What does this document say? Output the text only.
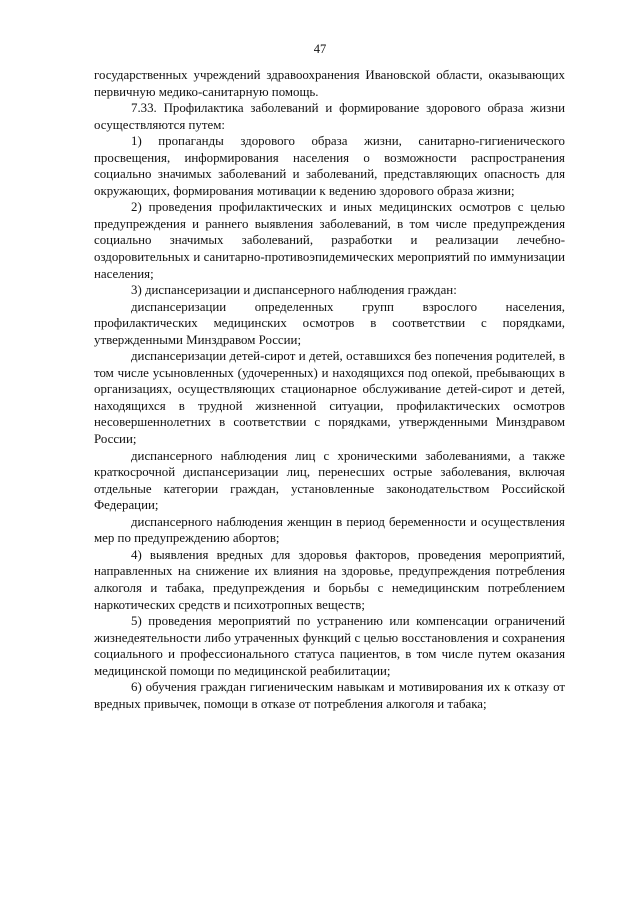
47

государственных учреждений здравоохранения Ивановской области, оказывающих первичную медико-санитарную помощь.

7.33. Профилактика заболеваний и формирование здорового образа жизни осуществляются путем:

1) пропаганды здорового образа жизни, санитарно-гигиенического просвещения, информирования населения о возможности распространения социально значимых заболеваний и заболеваний, представляющих опасность для окружающих, формирования мотивации к ведению здорового образа жизни;

2) проведения профилактических и иных медицинских осмотров с целью предупреждения и раннего выявления заболеваний, в том числе предупреждения социально значимых заболеваний, разработки и реализации лечебно-оздоровительных и санитарно-противоэпидемических мероприятий по иммунизации населения;

3) диспансеризации и диспансерного наблюдения граждан:

диспансеризации определенных групп взрослого населения, профилактических медицинских осмотров в соответствии с порядками, утвержденными Минздравом России;

диспансеризации детей-сирот и детей, оставшихся без попечения родителей, в том числе усыновленных (удочеренных) и находящихся под опекой, пребывающих в организациях, осуществляющих стационарное обслуживание детей-сирот и детей, находящихся в трудной жизненной ситуации, профилактических осмотров несовершеннолетних в соответствии с порядками, утвержденными Минздравом России;

диспансерного наблюдения лиц с хроническими заболеваниями, а также краткосрочной диспансеризации лиц, перенесших острые заболевания, включая отдельные категории граждан, установленные законодательством Российской Федерации;

диспансерного наблюдения женщин в период беременности и осуществления мер по предупреждению абортов;

4) выявления вредных для здоровья факторов, проведения мероприятий, направленных на снижение их влияния на здоровье, предупреждения потребления алкоголя и табака, предупреждения и борьбы с немедицинским потреблением наркотических средств и психотропных веществ;

5) проведения мероприятий по устранению или компенсации ограничений жизнедеятельности либо утраченных функций с целью восстановления и сохранения социального и профессионального статуса пациентов, в том числе путем оказания медицинской помощи по медицинской реабилитации;

6) обучения граждан гигиеническим навыкам и мотивирования их к отказу от вредных привычек, помощи в отказе от потребления алкоголя и табака;
